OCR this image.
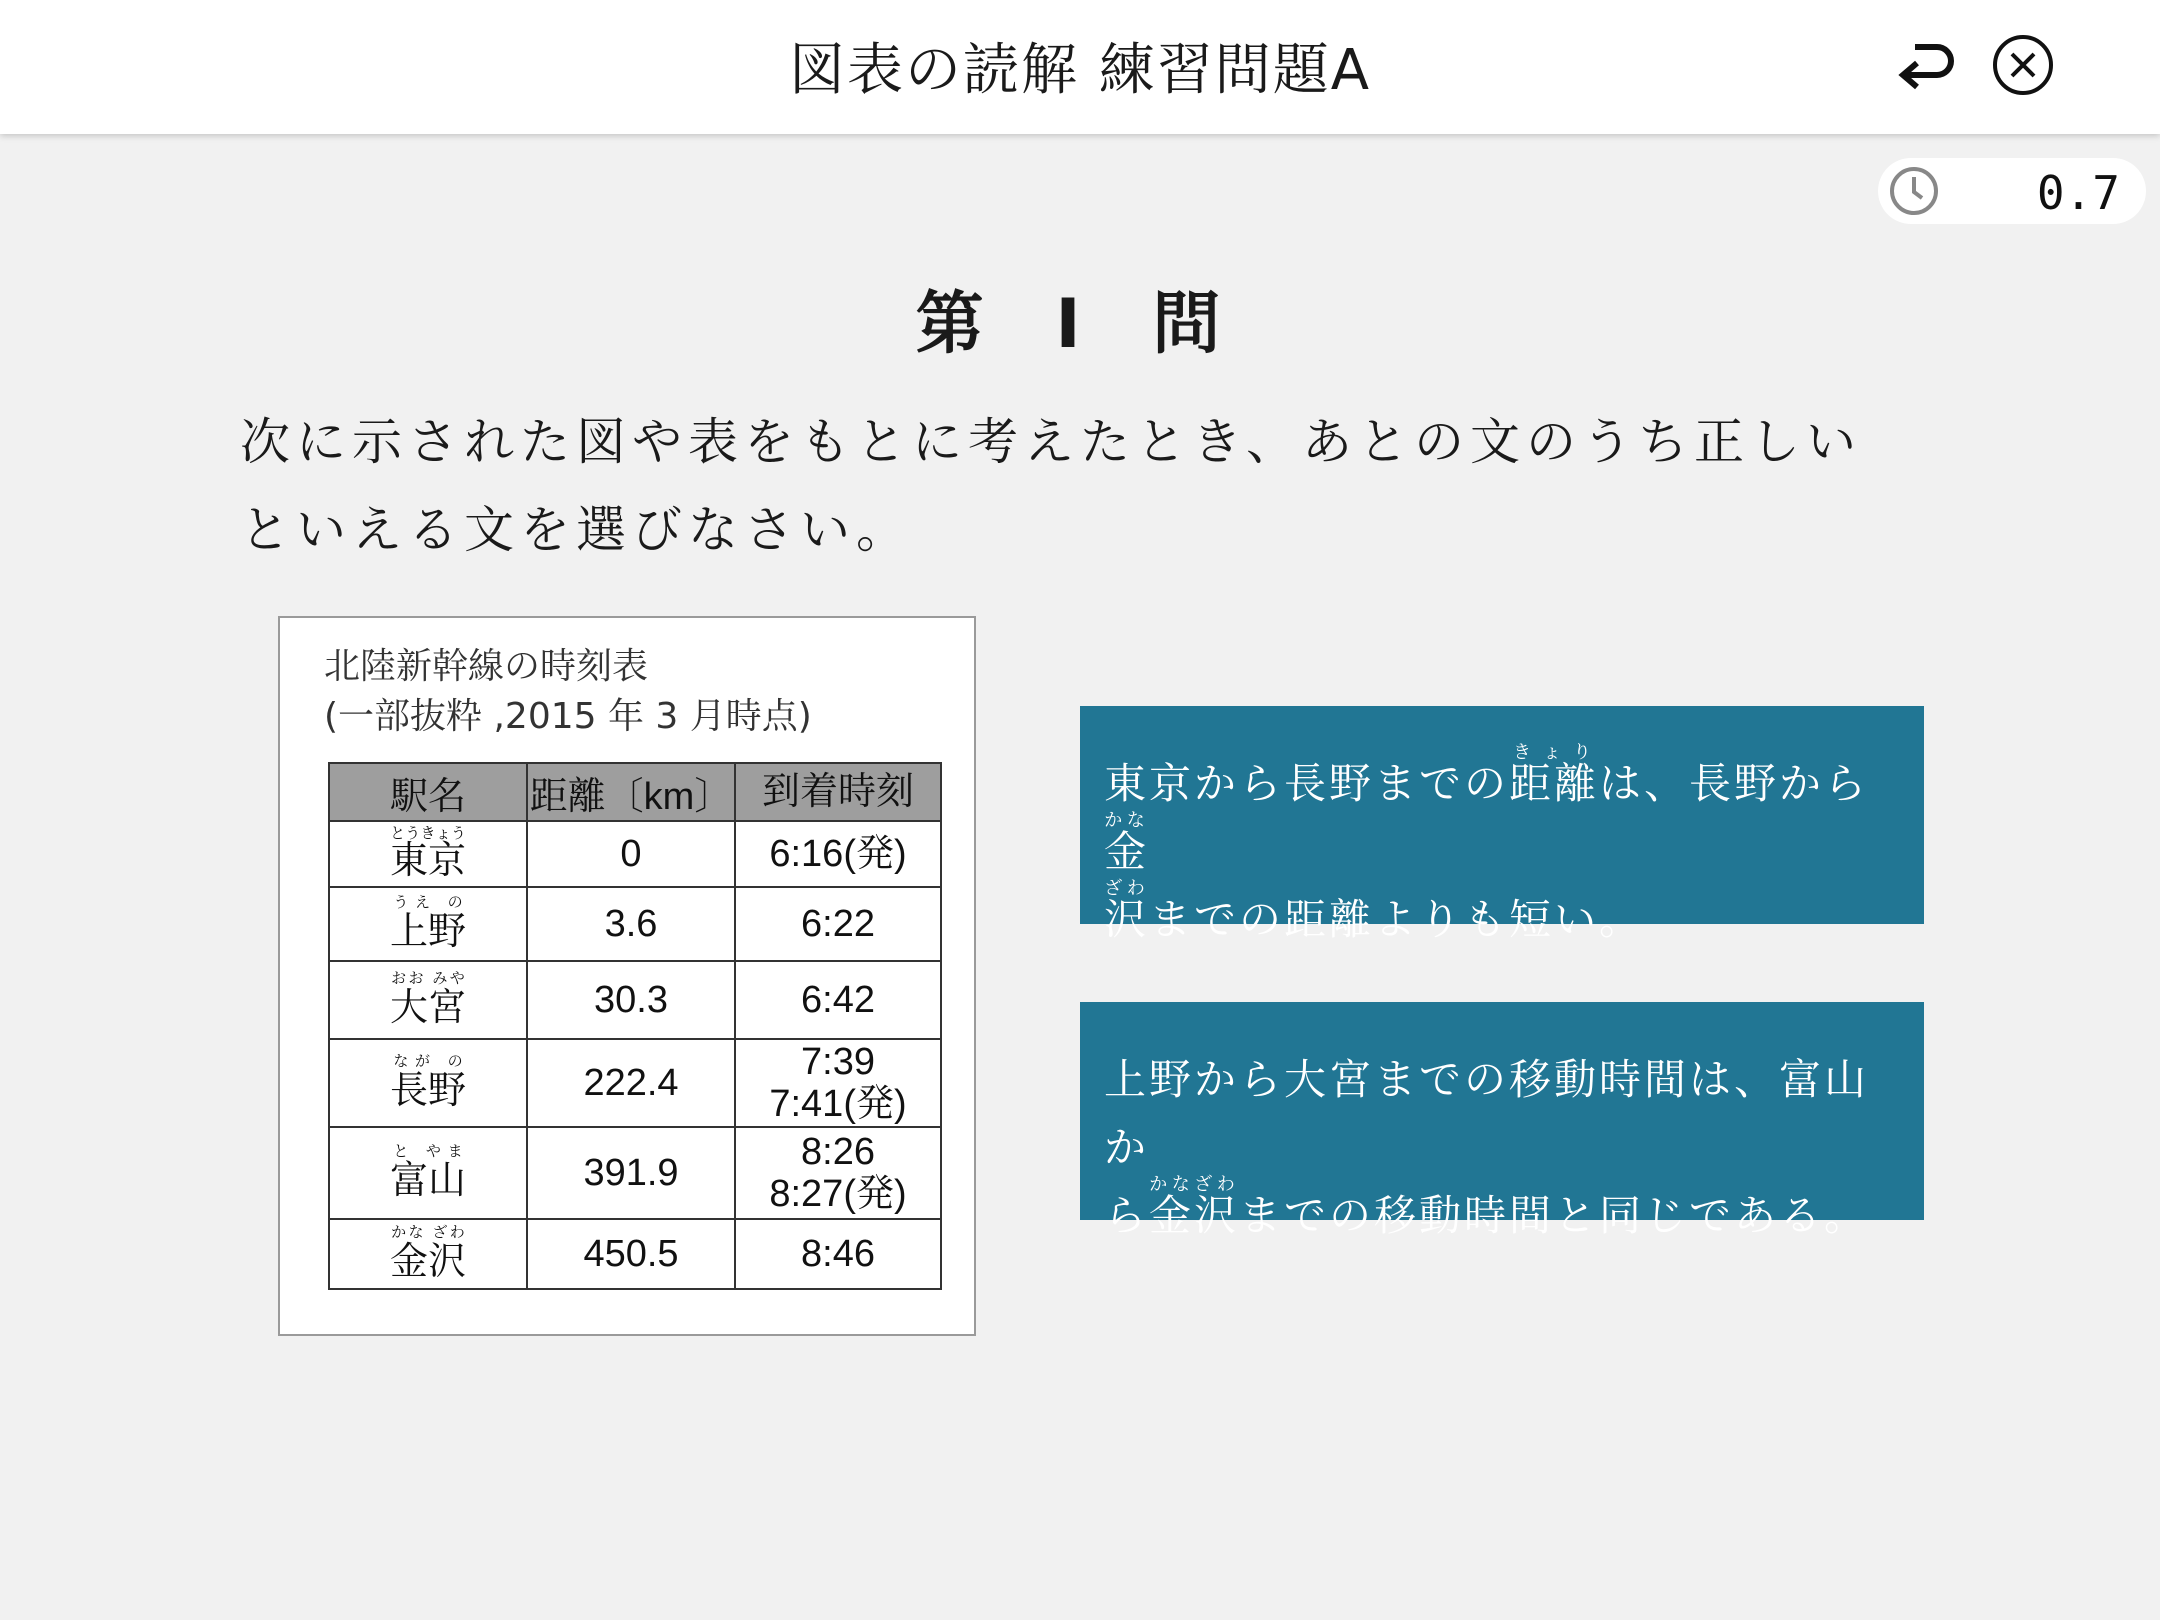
図表の読解 練習問題A
0.7
第 I 問
次に示された図や表をもとに考えたとき、あとの文のうち正しい
といえる文を選びなさい。
北陸新幹線の時刻表
(一部抜粋 ,2015 年 3 月時点)
駅名	距離〔km〕	到着時刻
東京とうきょう	0	6:16(発)

上野うえ の	3.6	6:22

大宮おお みや	30.3	6:42

長野なが の	222.4	7:39
7:41(発)

富山と やま	391.9	8:26
8:27(発)

金沢かな ざわ	450.5	8:46
東京から長野までの距離きょりは、長野から金かな
沢ざわまでの距離よりも短い。
上野から大宮までの移動時間は、富山か
ら金沢かなざわまでの移動時間と同じである。
